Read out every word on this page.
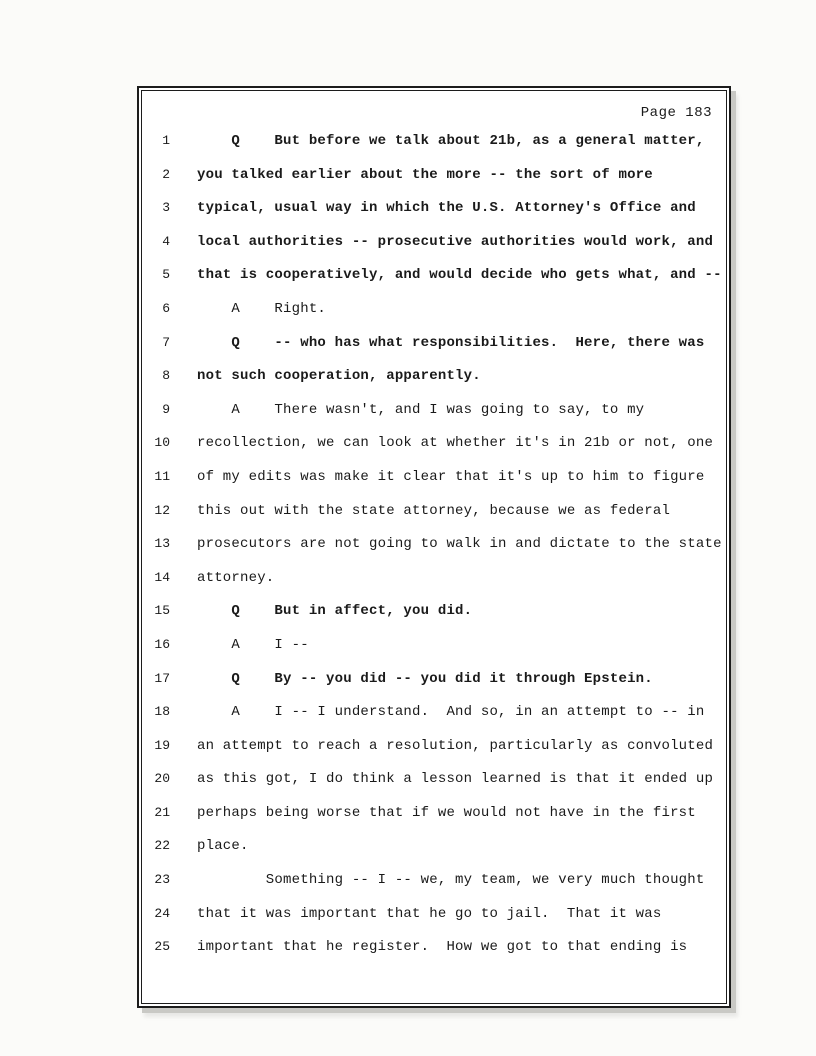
Page 183
1 Q    But before we talk about 21b, as a general matter,
2 you talked earlier about the more -- the sort of more
3 typical, usual way in which the U.S. Attorney's Office and
4 local authorities -- prosecutive authorities would work, and
5 that is cooperatively, and would decide who gets what, and --
6 A    Right.
7 Q    -- who has what responsibilities.  Here, there was
8 not such cooperation, apparently.
9 A    There wasn't, and I was going to say, to my
10 recollection, we can look at whether it's in 21b or not, one
11 of my edits was make it clear that it's up to him to figure
12 this out with the state attorney, because we as federal
13 prosecutors are not going to walk in and dictate to the state
14 attorney.
15 Q    But in affect, you did.
16 A    I --
17 Q    By -- you did -- you did it through Epstein.
18 A    I -- I understand.  And so, in an attempt to -- in
19 an attempt to reach a resolution, particularly as convoluted
20 as this got, I do think a lesson learned is that it ended up
21 perhaps being worse that if we would not have in the first
22 place.
23 Something -- I -- we, my team, we very much thought
24 that it was important that he go to jail.  That it was
25 important that he register.  How we got to that ending is
